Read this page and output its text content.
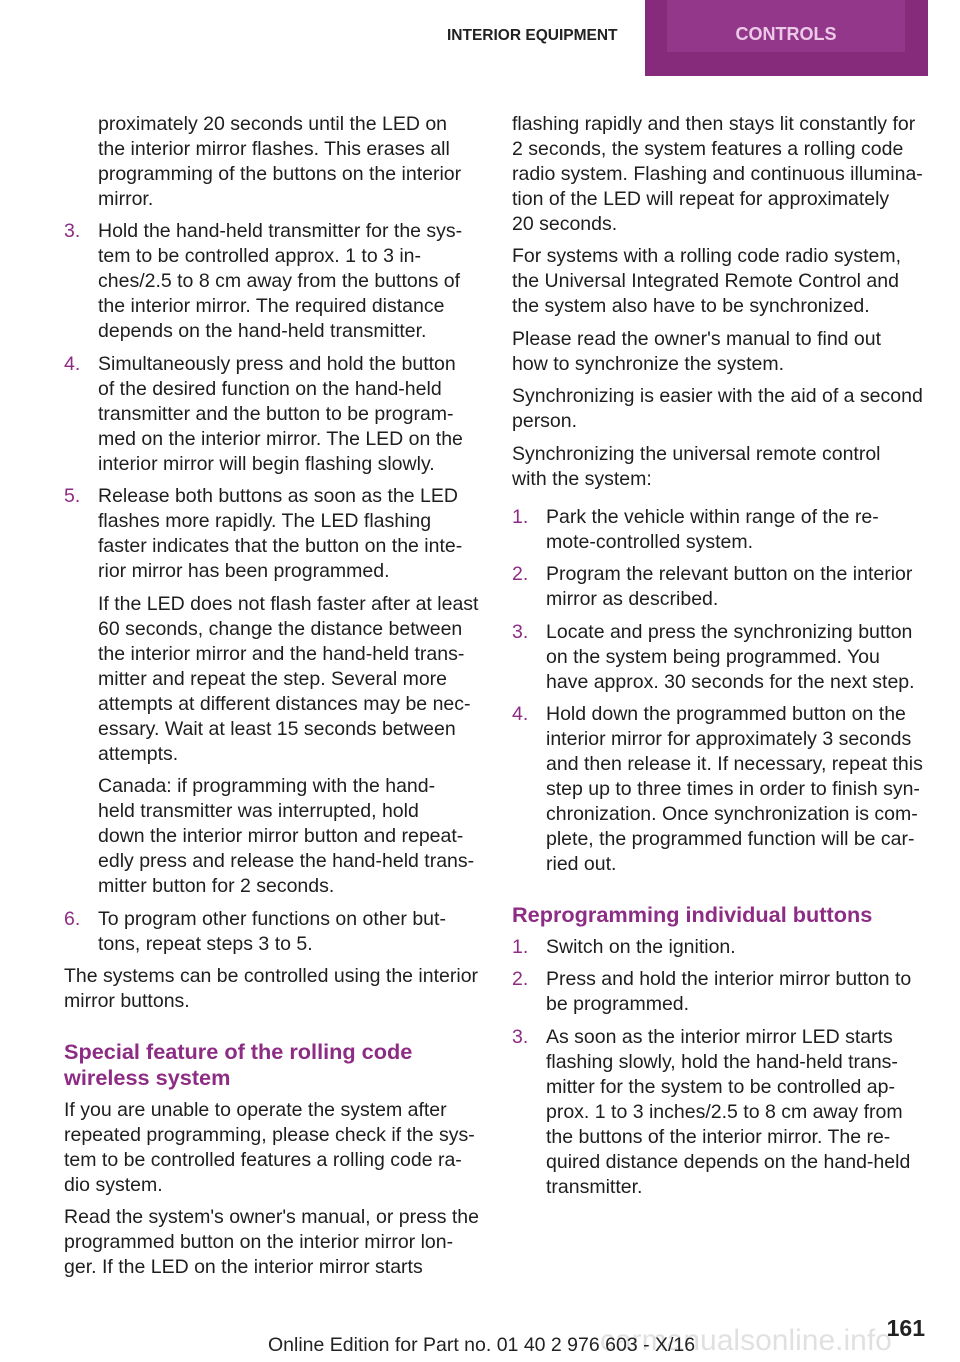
INTERIOR EQUIPMENT	CONTROLS

proximately 20 seconds until the LED on
the interior mirror flashes. This erases all
programming of the buttons on the interior
mirror.

3. Hold the hand-held transmitter for the sys-
tem to be controlled approx. 1 to 3 in-
ches/2.5 to 8 cm away from the buttons of
the interior mirror. The required distance
depends on the hand-held transmitter.

4. Simultaneously press and hold the button
of the desired function on the hand-held
transmitter and the button to be program-
med on the interior mirror. The LED on the
interior mirror will begin flashing slowly.

5. Release both buttons as soon as the LED
flashes more rapidly. The LED flashing
faster indicates that the button on the inte-
rior mirror has been programmed.

If the LED does not flash faster after at least
60 seconds, change the distance between
the interior mirror and the hand-held trans-
mitter and repeat the step. Several more
attempts at different distances may be nec-
essary. Wait at least 15 seconds between
attempts.

Canada: if programming with the hand-
held transmitter was interrupted, hold
down the interior mirror button and repeat-
edly press and release the hand-held trans-
mitter button for 2 seconds.

6. To program other functions on other but-
tons, repeat steps 3 to 5.

The systems can be controlled using the interior
mirror buttons.

Special feature of the rolling code
wireless system

If you are unable to operate the system after
repeated programming, please check if the sys-
tem to be controlled features a rolling code ra-
dio system.

Read the system's owner's manual, or press the
programmed button on the interior mirror lon-
ger. If the LED on the interior mirror starts

flashing rapidly and then stays lit constantly for
2 seconds, the system features a rolling code
radio system. Flashing and continuous illumina-
tion of the LED will repeat for approximately
20 seconds.

For systems with a rolling code radio system,
the Universal Integrated Remote Control and
the system also have to be synchronized.

Please read the owner's manual to find out
how to synchronize the system.

Synchronizing is easier with the aid of a second
person.

Synchronizing the universal remote control
with the system:

1. Park the vehicle within range of the re-
mote-controlled system.

2. Program the relevant button on the interior
mirror as described.

3. Locate and press the synchronizing button
on the system being programmed. You
have approx. 30 seconds for the next step.

4. Hold down the programmed button on the
interior mirror for approximately 3 seconds
and then release it. If necessary, repeat this
step up to three times in order to finish syn-
chronization. Once synchronization is com-
plete, the programmed function will be car-
ried out.

Reprogramming individual buttons
1. Switch on the ignition.

2. Press and hold the interior mirror button to
be programmed.

3. As soon as the interior mirror LED starts
flashing slowly, hold the hand-held trans-
mitter for the system to be controlled ap-
prox. 1 to 3 inches/2.5 to 8 cm away from
the buttons of the interior mirror. The re-
quired distance depends on the hand-held
transmitter.

carmanualsonline.info
Online Edition for Part no. 01 40 2 976 603 - X/16
161
